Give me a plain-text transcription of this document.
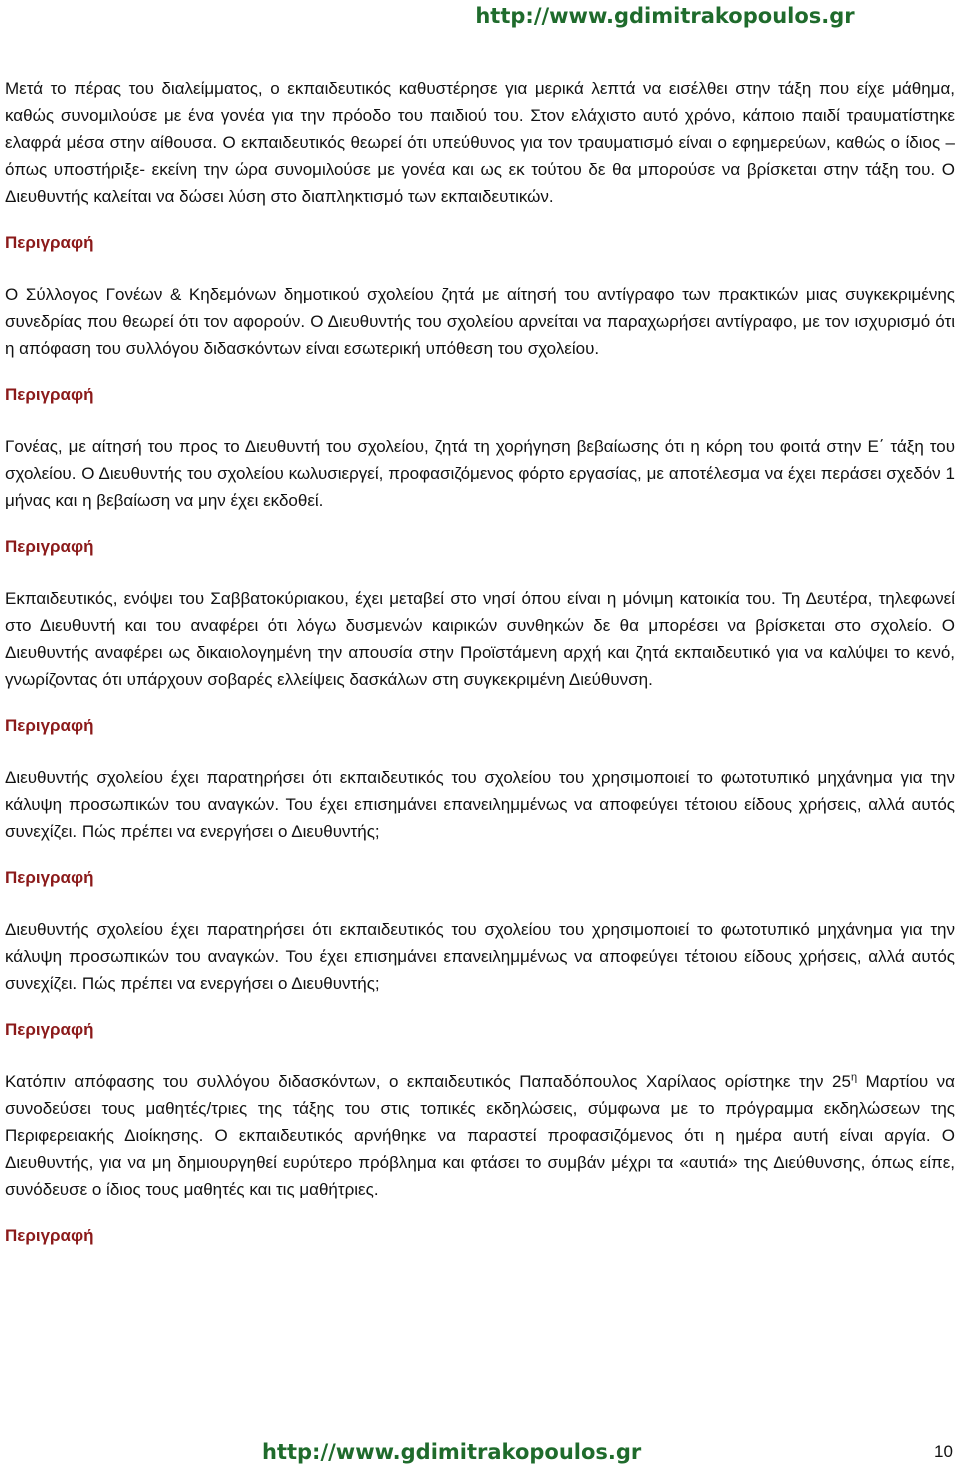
http://www.gdimitrakopoulos.gr

Μετά το πέρας του διαλείμματος, ο εκπαιδευτικός καθυστέρησε για μερικά λεπτά να εισέλθει στην τάξη που είχε μάθημα, καθώς συνομιλούσε με ένα γονέα για την πρόοδο του παιδιού του. Στον ελάχιστο αυτό χρόνο, κάποιο παιδί τραυματίστηκε ελαφρά μέσα στην αίθουσα. Ο εκπαιδευτικός θεωρεί ότι υπεύθυνος για τον τραυματισμό είναι ο εφημερεύων, καθώς ο ίδιος –όπως υποστήριξε- εκείνη την ώρα συνομιλούσε με γονέα και ως εκ τούτου δε θα μπορούσε να βρίσκεται στην τάξη του. Ο Διευθυντής καλείται να δώσει λύση στο διαπληκτισμό των εκπαιδευτικών.

Περιγραφή

Ο Σύλλογος Γονέων & Κηδεμόνων δημοτικού σχολείου ζητά με αίτησή του αντίγραφο των πρακτικών μιας συγκεκριμένης συνεδρίας που θεωρεί ότι τον αφορούν. Ο Διευθυντής του σχολείου αρνείται να παραχωρήσει αντίγραφο, με τον ισχυρισμό ότι η απόφαση του συλλόγου διδασκόντων είναι εσωτερική υπόθεση του σχολείου.

Περιγραφή

Γονέας, με αίτησή του προς το Διευθυντή του σχολείου, ζητά τη χορήγηση βεβαίωσης ότι η κόρη του φοιτά στην Ε΄ τάξη του σχολείου. Ο Διευθυντής του σχολείου κωλυσιεργεί, προφασιζόμενος φόρτο εργασίας, με αποτέλεσμα να έχει περάσει σχεδόν 1 μήνας και η βεβαίωση να μην έχει εκδοθεί.

Περιγραφή

Εκπαιδευτικός, ενόψει του Σαββατοκύριακου, έχει μεταβεί στο νησί όπου είναι η μόνιμη κατοικία του. Τη Δευτέρα, τηλεφωνεί στο Διευθυντή και του αναφέρει ότι λόγω δυσμενών καιρικών συνθηκών δε θα μπορέσει να βρίσκεται στο σχολείο. Ο Διευθυντής αναφέρει ως δικαιολογημένη την απουσία στην Προϊστάμενη αρχή και ζητά εκπαιδευτικό για να καλύψει το κενό, γνωρίζοντας ότι υπάρχουν σοβαρές ελλείψεις δασκάλων στη συγκεκριμένη Διεύθυνση.

Περιγραφή

Διευθυντής σχολείου έχει παρατηρήσει ότι εκπαιδευτικός του σχολείου του χρησιμοποιεί το φωτοτυπικό μηχάνημα για την κάλυψη προσωπικών του αναγκών. Του έχει επισημάνει επανειλημμένως να αποφεύγει τέτοιου είδους χρήσεις, αλλά αυτός συνεχίζει. Πώς πρέπει να ενεργήσει ο Διευθυντής;

Περιγραφή

Διευθυντής σχολείου έχει παρατηρήσει ότι εκπαιδευτικός του σχολείου του χρησιμοποιεί το φωτοτυπικό μηχάνημα για την κάλυψη προσωπικών του αναγκών. Του έχει επισημάνει επανειλημμένως να αποφεύγει τέτοιου είδους χρήσεις, αλλά αυτός συνεχίζει. Πώς πρέπει να ενεργήσει ο Διευθυντής;

Περιγραφή

Κατόπιν απόφασης του συλλόγου διδασκόντων, ο εκπαιδευτικός Παπαδόπουλος Χαρίλαος ορίστηκε την $25^\eta$ Μαρτίου να συνοδεύσει τους μαθητές/τριες της τάξης του στις τοπικές εκδηλώσεις, σύμφωνα με το πρόγραμμα εκδηλώσεων της Περιφερειακής Διοίκησης. Ο εκπαιδευτικός αρνήθηκε να παραστεί προφασιζόμενος ότι η ημέρα αυτή είναι αργία. Ο Διευθυντής, για να μη δημιουργηθεί ευρύτερο πρόβλημα και φτάσει το συμβάν μέχρι τα «αυτιά» της Διεύθυνσης, όπως είπε, συνόδευσε ο ίδιος τους μαθητές και τις μαθήτριες.

Περιγραφή

http://www.gdimitrakopoulos.gr	10
